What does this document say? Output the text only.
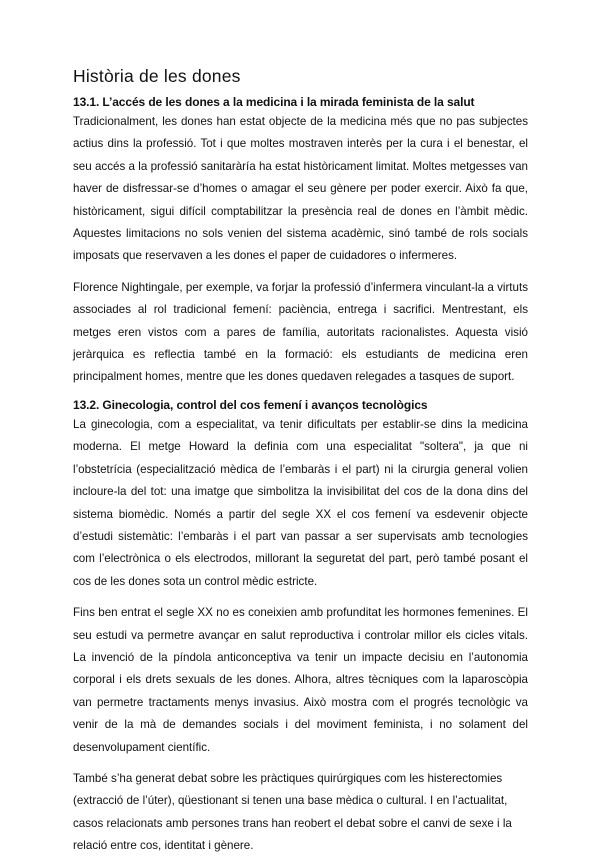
Història de les dones
13.1. L’accés de les dones a la medicina i la mirada feminista de la salut

Tradicionalment, les dones han estat objecte de la medicina més que no pas subjectes actius dins la professió. Tot i que moltes mostraven interès per la cura i el benestar, el seu accés a la professió sanitaràría ha estat històricament limitat. Moltes metgesses van haver de disfressar-se d’homes o amagar el seu gènere per poder exercir. Això fa que, històricament, sigui difícil comptabilitzar la presència real de dones en l’àmbit mèdic. Aquestes limitacions no sols venien del sistema acadèmic, sinó també de rols socials imposats que reservaven a les dones el paper de cuidadores o infermeres.

Florence Nightingale, per exemple, va forjar la professió d’infermera vinculant-la a virtuts associades al rol tradicional femení: paciència, entrega i sacrifici. Mentrestant, els metges eren vistos com a pares de família, autoritats racionalistes. Aquesta visió jeràrquica es reflectia també en la formació: els estudiants de medicina eren principalment homes, mentre que les dones quedaven relegades a tasques de suport.

13.2. Ginecologia, control del cos femení i avanços tecnològics

La ginecologia, com a especialitat, va tenir dificultats per establir-se dins la medicina moderna. El metge Howard la definia com una especialitat "soltera", ja que ni l’obstetrícia (especialització mèdica de l’embaràs i el part) ni la cirurgia general volien incloure-la del tot: una imatge que simbolitza la invisibilitat del cos de la dona dins del sistema biomèdic. Només a partir del segle XX el cos femení va esdevenir objecte d’estudi sistemàtic: l’embaràs i el part van passar a ser supervisats amb tecnologies com l’electrònica o els electrodos, millorant la seguretat del part, però també posant el cos de les dones sota un control mèdic estricte.

Fins ben entrat el segle XX no es coneixien amb profunditat les hormones femenines. El seu estudi va permetre avançar en salut reproductiva i controlar millor els cicles vitals. La invenció de la píndola anticonceptiva va tenir un impacte decisiu en l’autonomia corporal i els drets sexuals de les dones. Alhora, altres tècniques com la laparoscòpia van permetre tractaments menys invasius. Això mostra com el progrés tecnològic va venir de la mà de demandes socials i del moviment feminista, i no solament del desenvolupament científic.

També s’ha generat debat sobre les pràctiques quirúrgiques com les histerectomies (extracció de l’úter), qüestionant si tenen una base mèdica o cultural. I en l’actualitat, casos relacionats amb persones trans han reobert el debat sobre el canvi de sexe i la relació entre cos, identitat i gènere.
